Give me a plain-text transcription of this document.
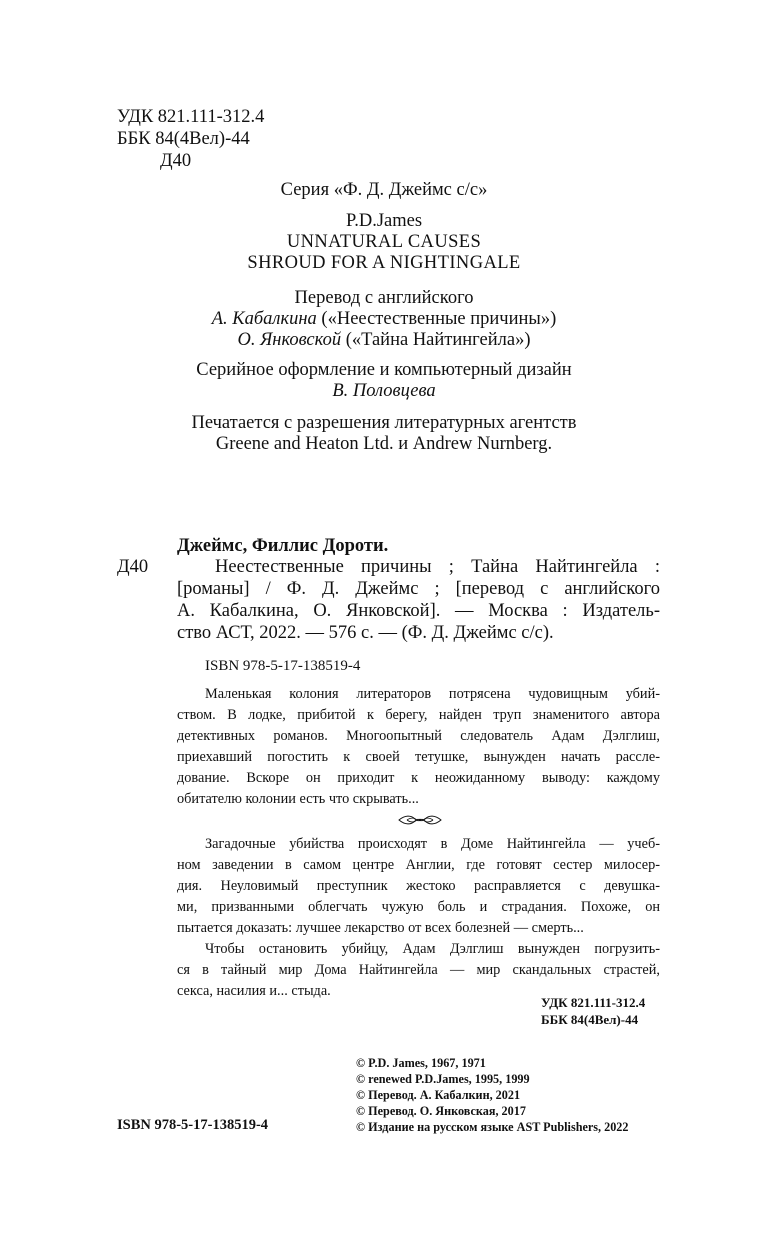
УДК 821.111-312.4
ББК 84(4Вел)-44
Д40
Серия «Ф. Д. Джеймс с/с»
P.D.James
UNNATURAL CAUSES
SHROUD FOR A NIGHTINGALE
Перевод с английского
А. Кабалкина («Неестественные причины»)
О. Янковской («Тайна Найтингейла»)
Серийное оформление и компьютерный дизайн
В. Половцева
Печатается с разрешения литературных агентств
Greene and Heaton Ltd. и Andrew Nurnberg.
Джеймс, Филлис Дороти.
Д40	Неестественные причины ; Тайна Найтингейла :
[романы] / Ф. Д. Джеймс ; [перевод с английского
А. Кабалкина, О. Янковской]. — Москва : Издатель-
ство АСТ, 2022. — 576 с. — (Ф. Д. Джеймс с/с).
ISBN 978-5-17-138519-4
Маленькая колония литераторов потрясена чудовищным убий-
ством. В лодке, прибитой к берегу, найден труп знаменитого автора
детективных романов. Многоопытный следователь Адам Дэлглиш,
приехавший погостить к своей тетушке, вынужден начать рассле-
дование. Вскоре он приходит к неожиданному выводу: каждому
обитателю колонии есть что скрывать...
Загадочные убийства происходят в Доме Найтингейла — учеб-
ном заведении в самом центре Англии, где готовят сестер милосер-
дия. Неуловимый преступник жестоко расправляется с девушка-
ми, призванными облегчать чужую боль и страдания. Похоже, он
пытается доказать: лучшее лекарство от всех болезней — смерть...
Чтобы остановить убийцу, Адам Дэлглиш вынужден погрузить-
ся в тайный мир Дома Найтингейла — мир скандальных страстей,
секса, насилия и... стыда.
УДК 821.111-312.4
ББК 84(4Вел)-44
© P.D. James, 1967, 1971
© renewed P.D.James, 1995, 1999
© Перевод. А. Кабалкин, 2021
© Перевод. О. Янковская, 2017
© Издание на русском языке AST Publishers, 2022
ISBN 978-5-17-138519-4
